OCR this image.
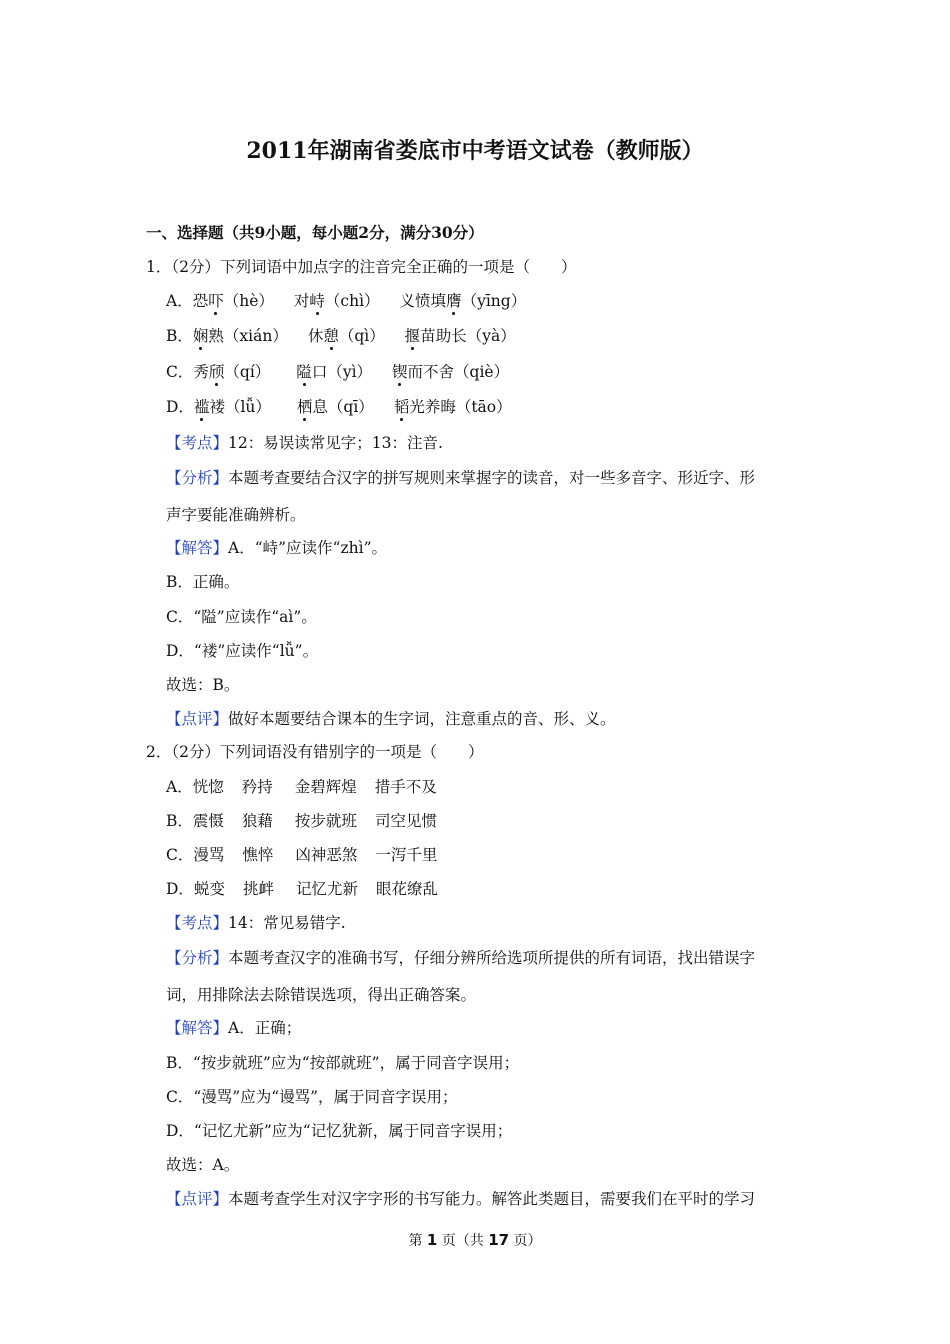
2011年湖南省娄底市中考语文试卷（教师版）
一、选择题（共9小题，每小题2分，满分30分）
1．（2分）下列词语中加点字的注音完全正确的一项是（　　）
A．恐吓（hè） 对峙（chì） 义愤填膺（yīng）
B．娴熟（xián） 休憩（qì） 揠苗助长（yà）
C．秀颀（qí） 隘口（yì） 锲而不舍（qiè）
D．褴褛（lǚ） 栖息（qī） 韬光养晦（tāo）
【考点】12：易误读常见字；13：注音.
【分析】本题考查要结合汉字的拼写规则来掌握字的读音，对一些多音字、形近字、形
声字要能准确辨析。
【解答】A．“峙”应读作“zhì”。
B．正确。
C．“隘”应读作“aì”。
D．“褛”应读作“lǚ”。
故选：B。
【点评】做好本题要结合课本的生字词，注意重点的音、形、义。
2．（2分）下列词语没有错别字的一项是（　　）
A．恍惚 矜持 金碧辉煌 措手不及
B．震慑 狼藉 按步就班 司空见惯
C．漫骂 憔悴 凶神恶煞 一泻千里
D．蜕变 挑衅 记忆尤新 眼花缭乱
【考点】14：常见易错字.
【分析】本题考查汉字的准确书写，仔细分辨所给选项所提供的所有词语，找出错误字
词，用排除法去除错误选项，得出正确答案。
【解答】A．正确；
B．“按步就班”应为“按部就班”，属于同音字误用；
C．“漫骂”应为“谩骂”，属于同音字误用；
D．“记忆尤新”应为“记忆犹新，属于同音字误用；
故选：A。
【点评】本题考查学生对汉字字形的书写能力。解答此类题目，需要我们在平时的学习
第 1 页（共 17 页）
